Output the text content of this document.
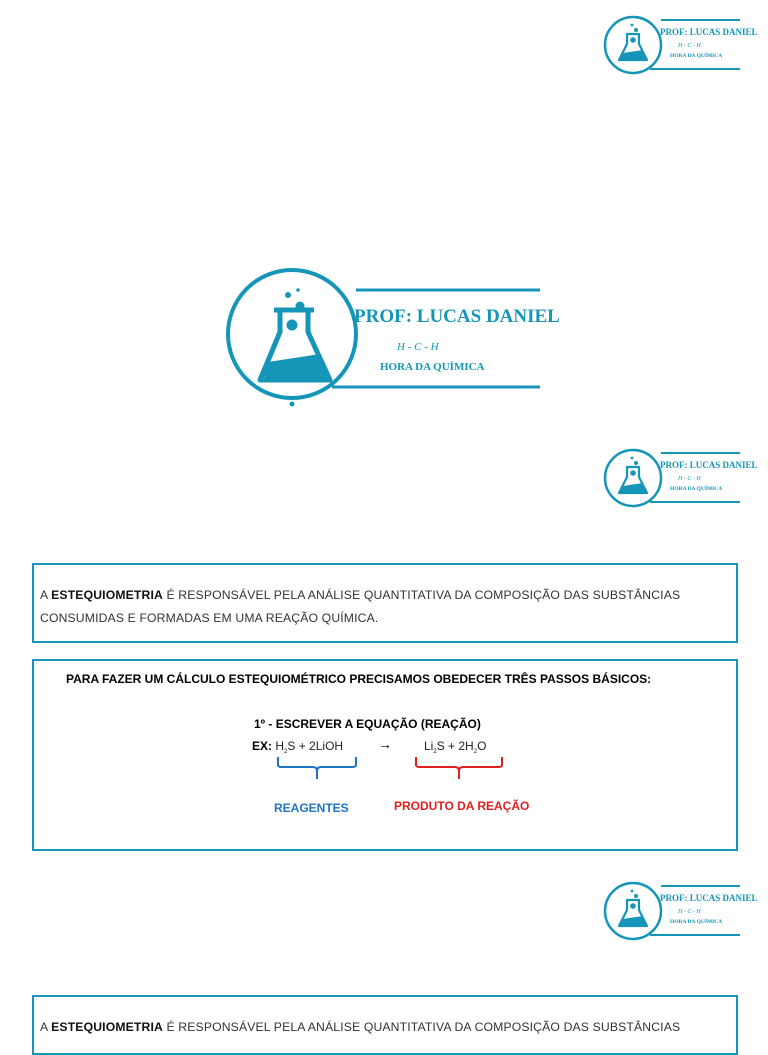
PROF: LUCAS DANIEL
H - C - H
HORA DA QUÍMICA
PROF: LUCAS DANIEL
H - C - H
HORA DA QUÍMICA
PROF: LUCAS DANIEL
H - C - H
HORA DA QUÍMICA
A ESTEQUIOMETRIA É RESPONSÁVEL PELA ANÁLISE QUANTITATIVA DA COMPOSIÇÃO DAS SUBSTÂNCIAS
CONSUMIDAS E FORMADAS EM UMA REAÇÃO QUÍMICA.
PARA FAZER UM CÁLCULO ESTEQUIOMÉTRICO PRECISAMOS OBEDECER TRÊS PASSOS BÁSICOS:
1º - ESCREVER A EQUAÇÃO (REAÇÃO)
EX: $H_2S$ + 2LiOH →	$Li_2S + 2H_2O$
REAGENTES	PRODUTO DA REAÇÃO
PROF: LUCAS DANIEL
H - C - H
HORA DA QUÍMICA
A ESTEQUIOMETRIA É RESPONSÁVEL PELA ANÁLISE QUANTITATIVA DA COMPOSIÇÃO DAS SUBSTÂNCIAS
